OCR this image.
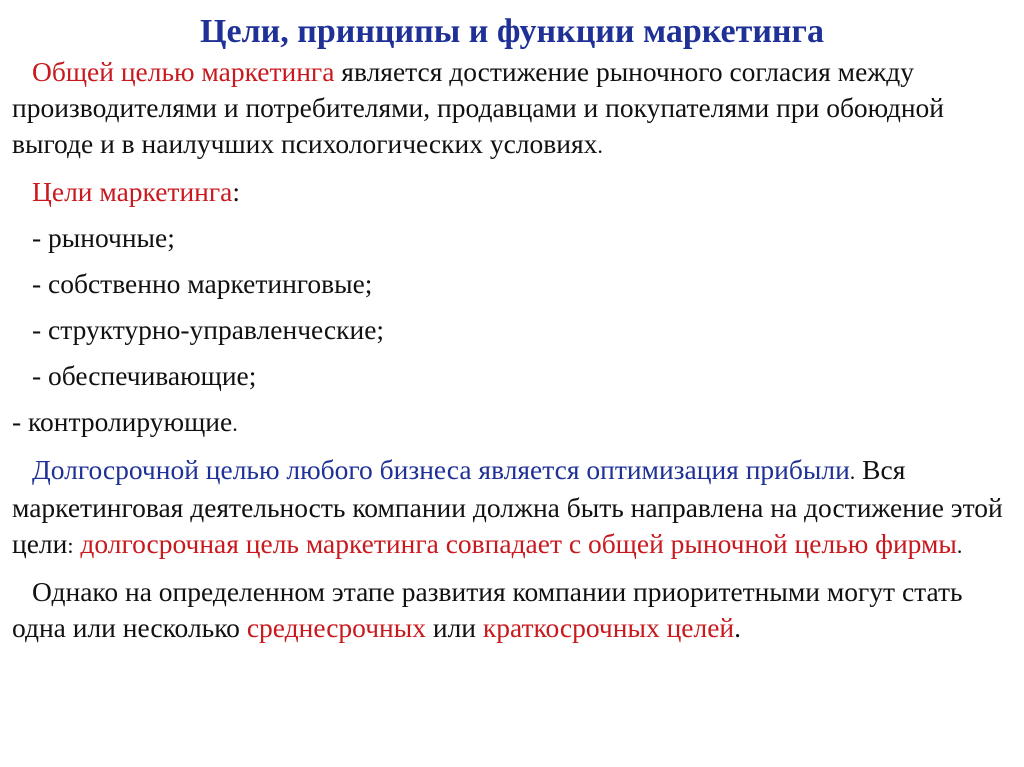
Цели, принципы и функции маркетинга

Общей целью маркетинга является достижение рыночного согласия между производителями и потребителями, продавцами и покупателями при обоюдной выгоде и в наилучших психологических условиях.

Цели маркетинга:

- рыночные;

- собственно маркетинговые;

- структурно-управленческие;

- обеспечивающие;

- контролирующие.

Долгосрочной целью любого бизнеса является оптимизация прибыли. Вся маркетинговая деятельность компании должна быть направлена на достижение этой цели: долгосрочная цель маркетинга совпадает с общей рыночной целью фирмы.

Однако на определенном этапе развития компании приоритетными могут стать одна или несколько среднесрочных или краткосрочных целей.
